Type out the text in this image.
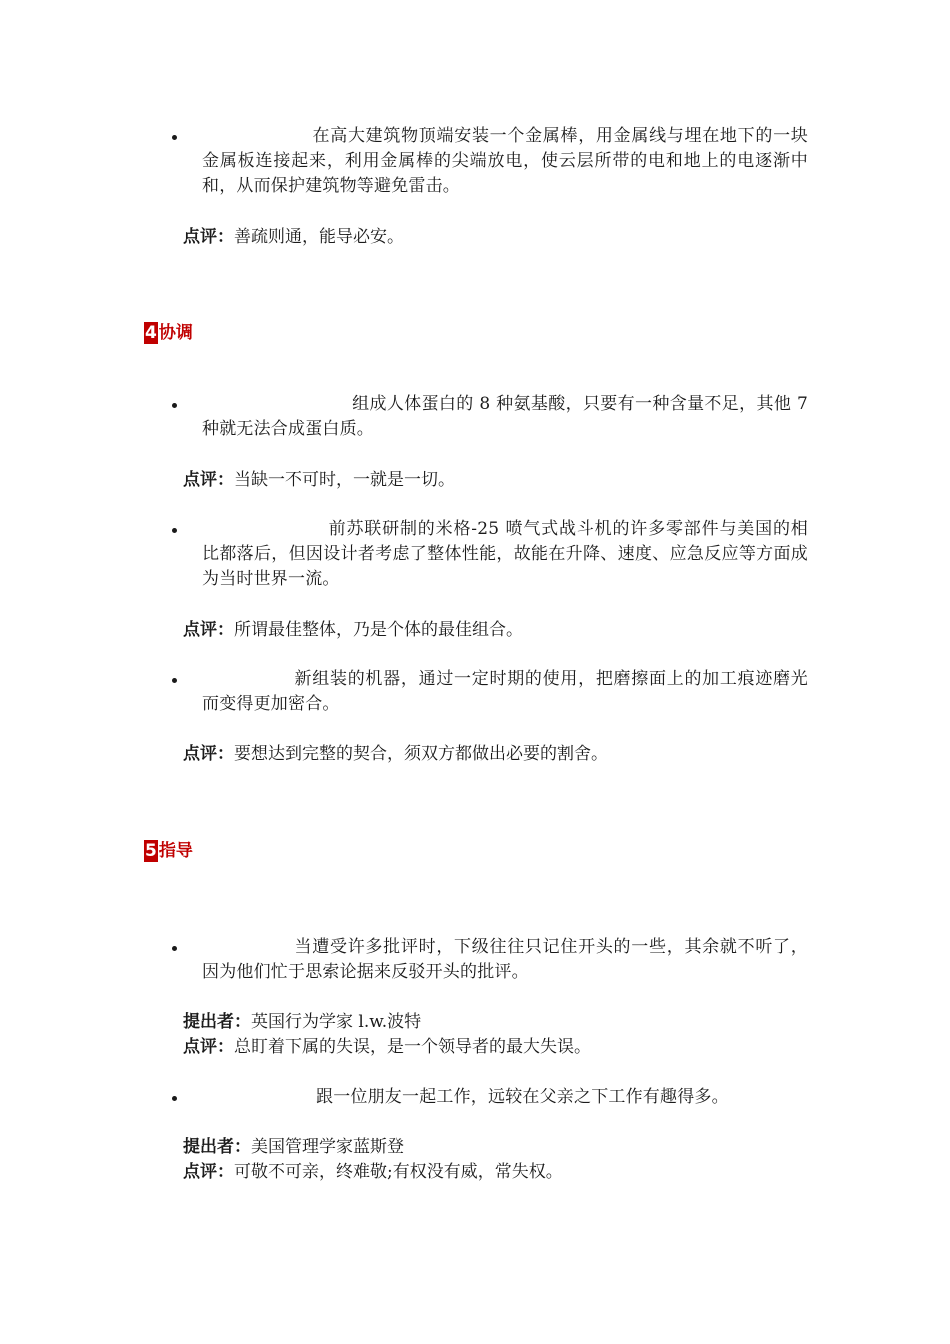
在高大建筑物顶端安装一个金属棒，用金属线与埋在地下的一块金属板连接起来，利用金属棒的尖端放电，使云层所带的电和地上的电逐渐中和，从而保护建筑物等避免雷击。
点评：善疏则通，能导必安。
4 协调
组成人体蛋白的 8 种氨基酸，只要有一种含量不足，其他 7 种就无法合成蛋白质。
点评：当缺一不可时，一就是一切。
前苏联研制的米格-25 喷气式战斗机的许多零部件与美国的相比都落后，但因设计者考虑了整体性能，故能在升降、速度、应急反应等方面成为当时世界一流。
点评：所谓最佳整体，乃是个体的最佳组合。
新组装的机器，通过一定时期的使用，把磨擦面上的加工痕迹磨光而变得更加密合。
点评：要想达到完整的契合，须双方都做出必要的割舍。
5 指导
当遭受许多批评时，下级往往只记住开头的一些，其余就不听了，因为他们忙于思索论据来反驳开头的批评。
提出者：英国行为学家 l.w.波特
点评：总盯着下属的失误，是一个领导者的最大失误。
跟一位朋友一起工作，远较在父亲之下工作有趣得多。
提出者：美国管理学家蓝斯登
点评：可敬不可亲，终难敬;有权没有威，常失权。
